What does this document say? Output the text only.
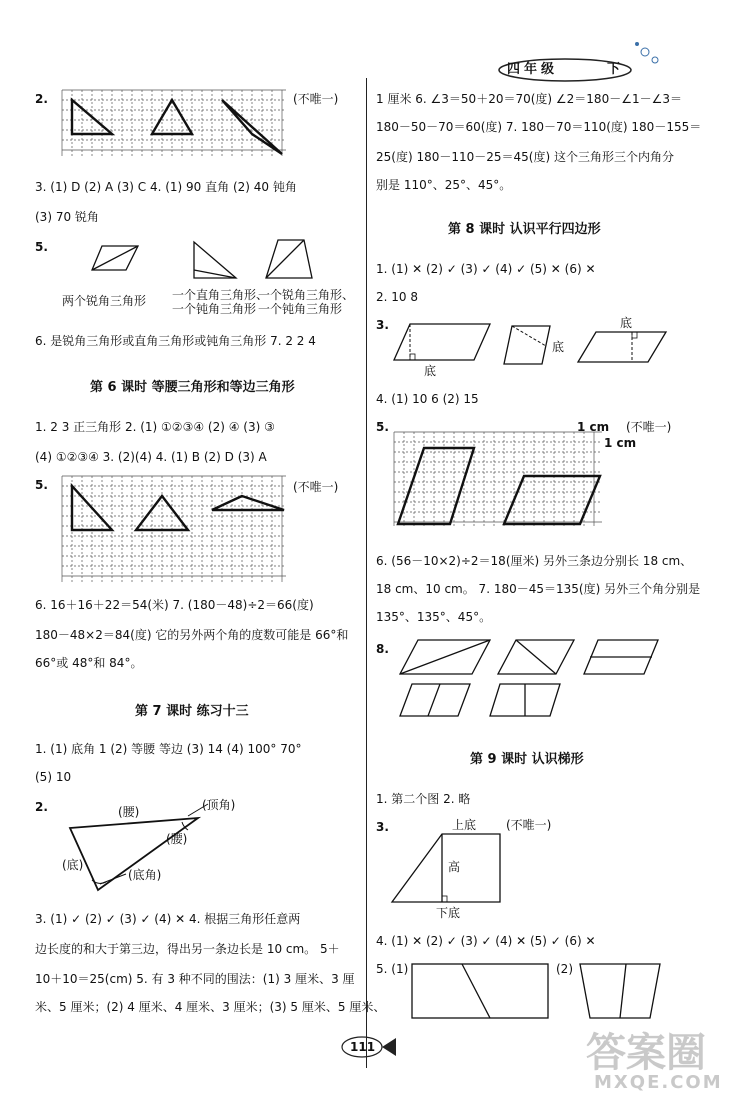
四年级	下
2.	(不唯一)
3. (1) D (2) A (3) C 4. (1) 90 直角 (2) 40 钝角
(3) 70 锐角
5.
两个锐角三角形 一个直角三角形、
一个钝角三角形
一个锐角三角形、
一个钝角三角形
6. 是锐角三角形或直角三角形或钝角三角形 7. 2 2 4
第 6 课时 等腰三角形和等边三角形
1. 2 3 正三角形 2. (1) ①②③④ (2) ④ (3) ③
(4) ①②③④ 3. (2)(4) 4. (1) B (2) D (3) A
5.	(不唯一)
6. 16＋16＋22＝54(米) 7. (180－48)÷2＝66(度)
180－48×2＝84(度) 它的另外两个角的度数可能是 66°和
66°或 48°和 84°。
第 7 课时 练习十三
1. (1) 底角 1 (2) 等腰 等边 (3) 14 (4) 100° 70°
(5) 10
2.	(腰)	(顶角)
(腰)
(底)
(底角)
3. (1) ✓ (2) ✓ (3) ✓ (4) ✕ 4. 根据三角形任意两
边长度的和大于第三边，得出另一条边长是 10 cm。 5＋
10＋10＝25(cm) 5. 有 3 种不同的围法：(1) 3 厘米、3 厘
米、5 厘米；(2) 4 厘米、4 厘米、3 厘米；(3) 5 厘米、5 厘米、
1 厘米 6. ∠3＝50＋20＝70(度) ∠2＝180－∠1－∠3＝
180－50－70＝60(度) 7. 180－70＝110(度) 180－155＝
25(度) 180－110－25＝45(度) 这个三角形三个内角分
别是 110°、25°、45°。
第 8 课时 认识平行四边形
1. (1) ✕ (2) ✓ (3) ✓ (4) ✓ (5) ✕ (6) ✕
2. 10 8
3.
底
底
底
4. (1) 10 6 (2) 15
5.	1 cm
1 cm
(不唯一)
6. (56－10×2)÷2＝18(厘米) 另外三条边分别长 18 cm、
18 cm、10 cm。 7. 180－45＝135(度) 另外三个角分别是
135°、135°、45°。
8.
第 9 课时 认识梯形
1. 第二个图 2. 略
3.	上底 (不唯一)
高
下底
4. (1) ✕ (2) ✓ (3) ✓ (4) ✕ (5) ✓ (6) ✕
5. (1)	(2)
111	答案圈
MXQE.COM
